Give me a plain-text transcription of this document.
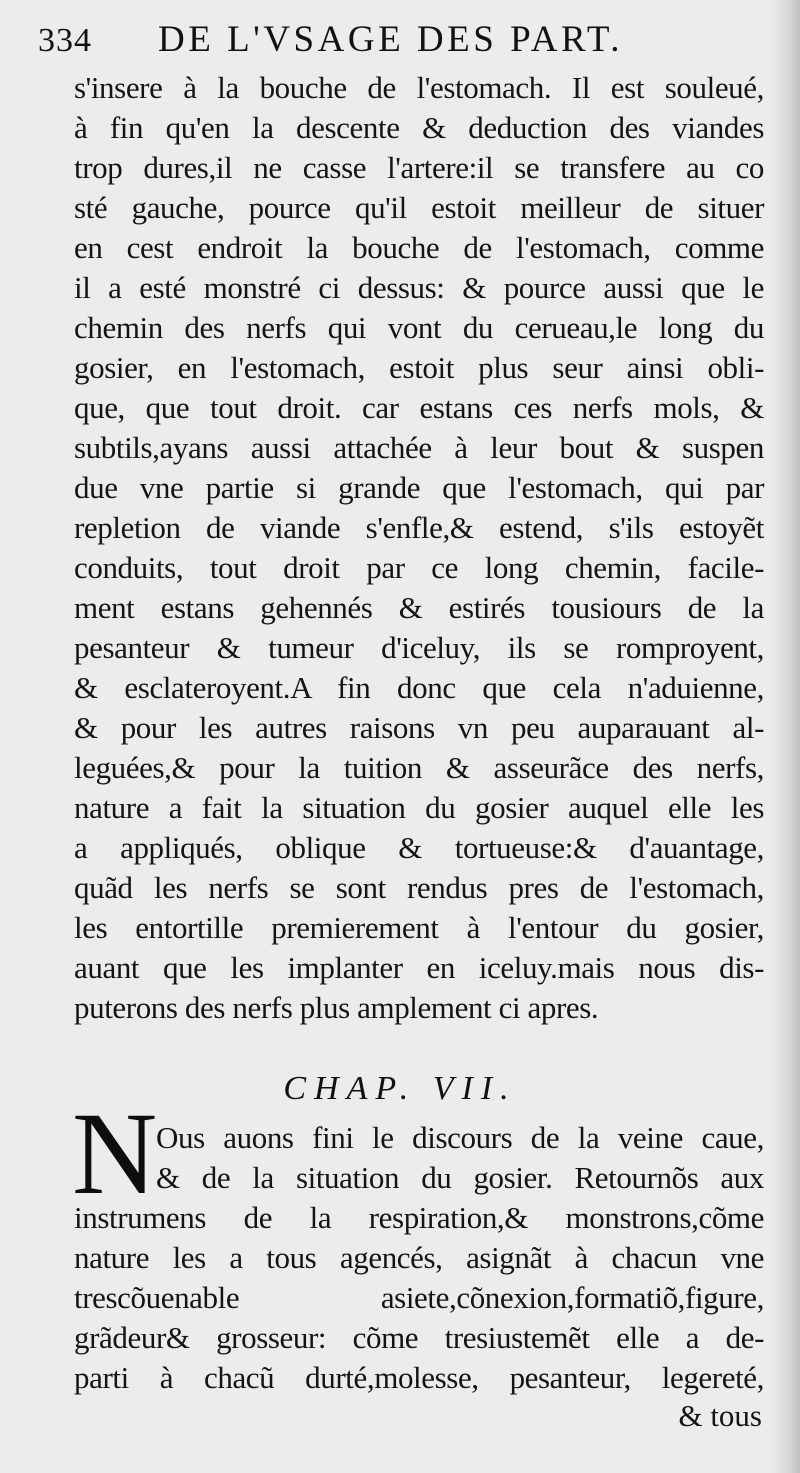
334 DE L'VSAGE DES PART.
s'insere à la bouche de l'estomach. Il est souleué,
à fin qu'en la descente & deduction des viandes
trop dures,il ne casse l'artere:il se transfere au co
sté gauche, pource qu'il estoit meilleur de situer
en cest endroit la bouche de l'estomach, comme
il a esté monstré ci dessus: & pource aussi que le
chemin des nerfs qui vont du cerueau,le long du
gosier, en l'estomach, estoit plus seur ainsi obli-
que, que tout droit. car estans ces nerfs mols, &
subtils,ayans aussi attachée à leur bout & suspen
due vne partie si grande que l'estomach, qui par
repletion de viande s'enfle,& estend, s'ils estoyẽt
conduits, tout droit par ce long chemin, facile-
ment estans gehennés & estirés tousiours de la
pesanteur & tumeur d'iceluy, ils se romproyent,
& esclateroyent.A fin donc que cela n'aduienne,
& pour les autres raisons vn peu auparauant al-
leguées,& pour la tuition & asseurãce des nerfs,
nature a fait la situation du gosier auquel elle les
a appliqués, oblique & tortueuse:& d'auantage,
quãd les nerfs se sont rendus pres de l'estomach,
les entortille premierement à l'entour du gosier,
auant que les implanter en iceluy.mais nous dis-
puterons des nerfs plus amplement ci apres.
CHAP. VII.
N
Ous auons fini le discours de la veine caue,
& de la situation du gosier. Retournõs aux
instrumens de la respiration,& monstrons,cõme
nature les a tous agencés, asignãt à chacun vne
trescõuenable asiete,cõnexion,formatiõ,figure,
grãdeur& grosseur: cõme tresiustemẽt elle a de-
parti à chacũ durté,molesse, pesanteur, legereté,
& tous
